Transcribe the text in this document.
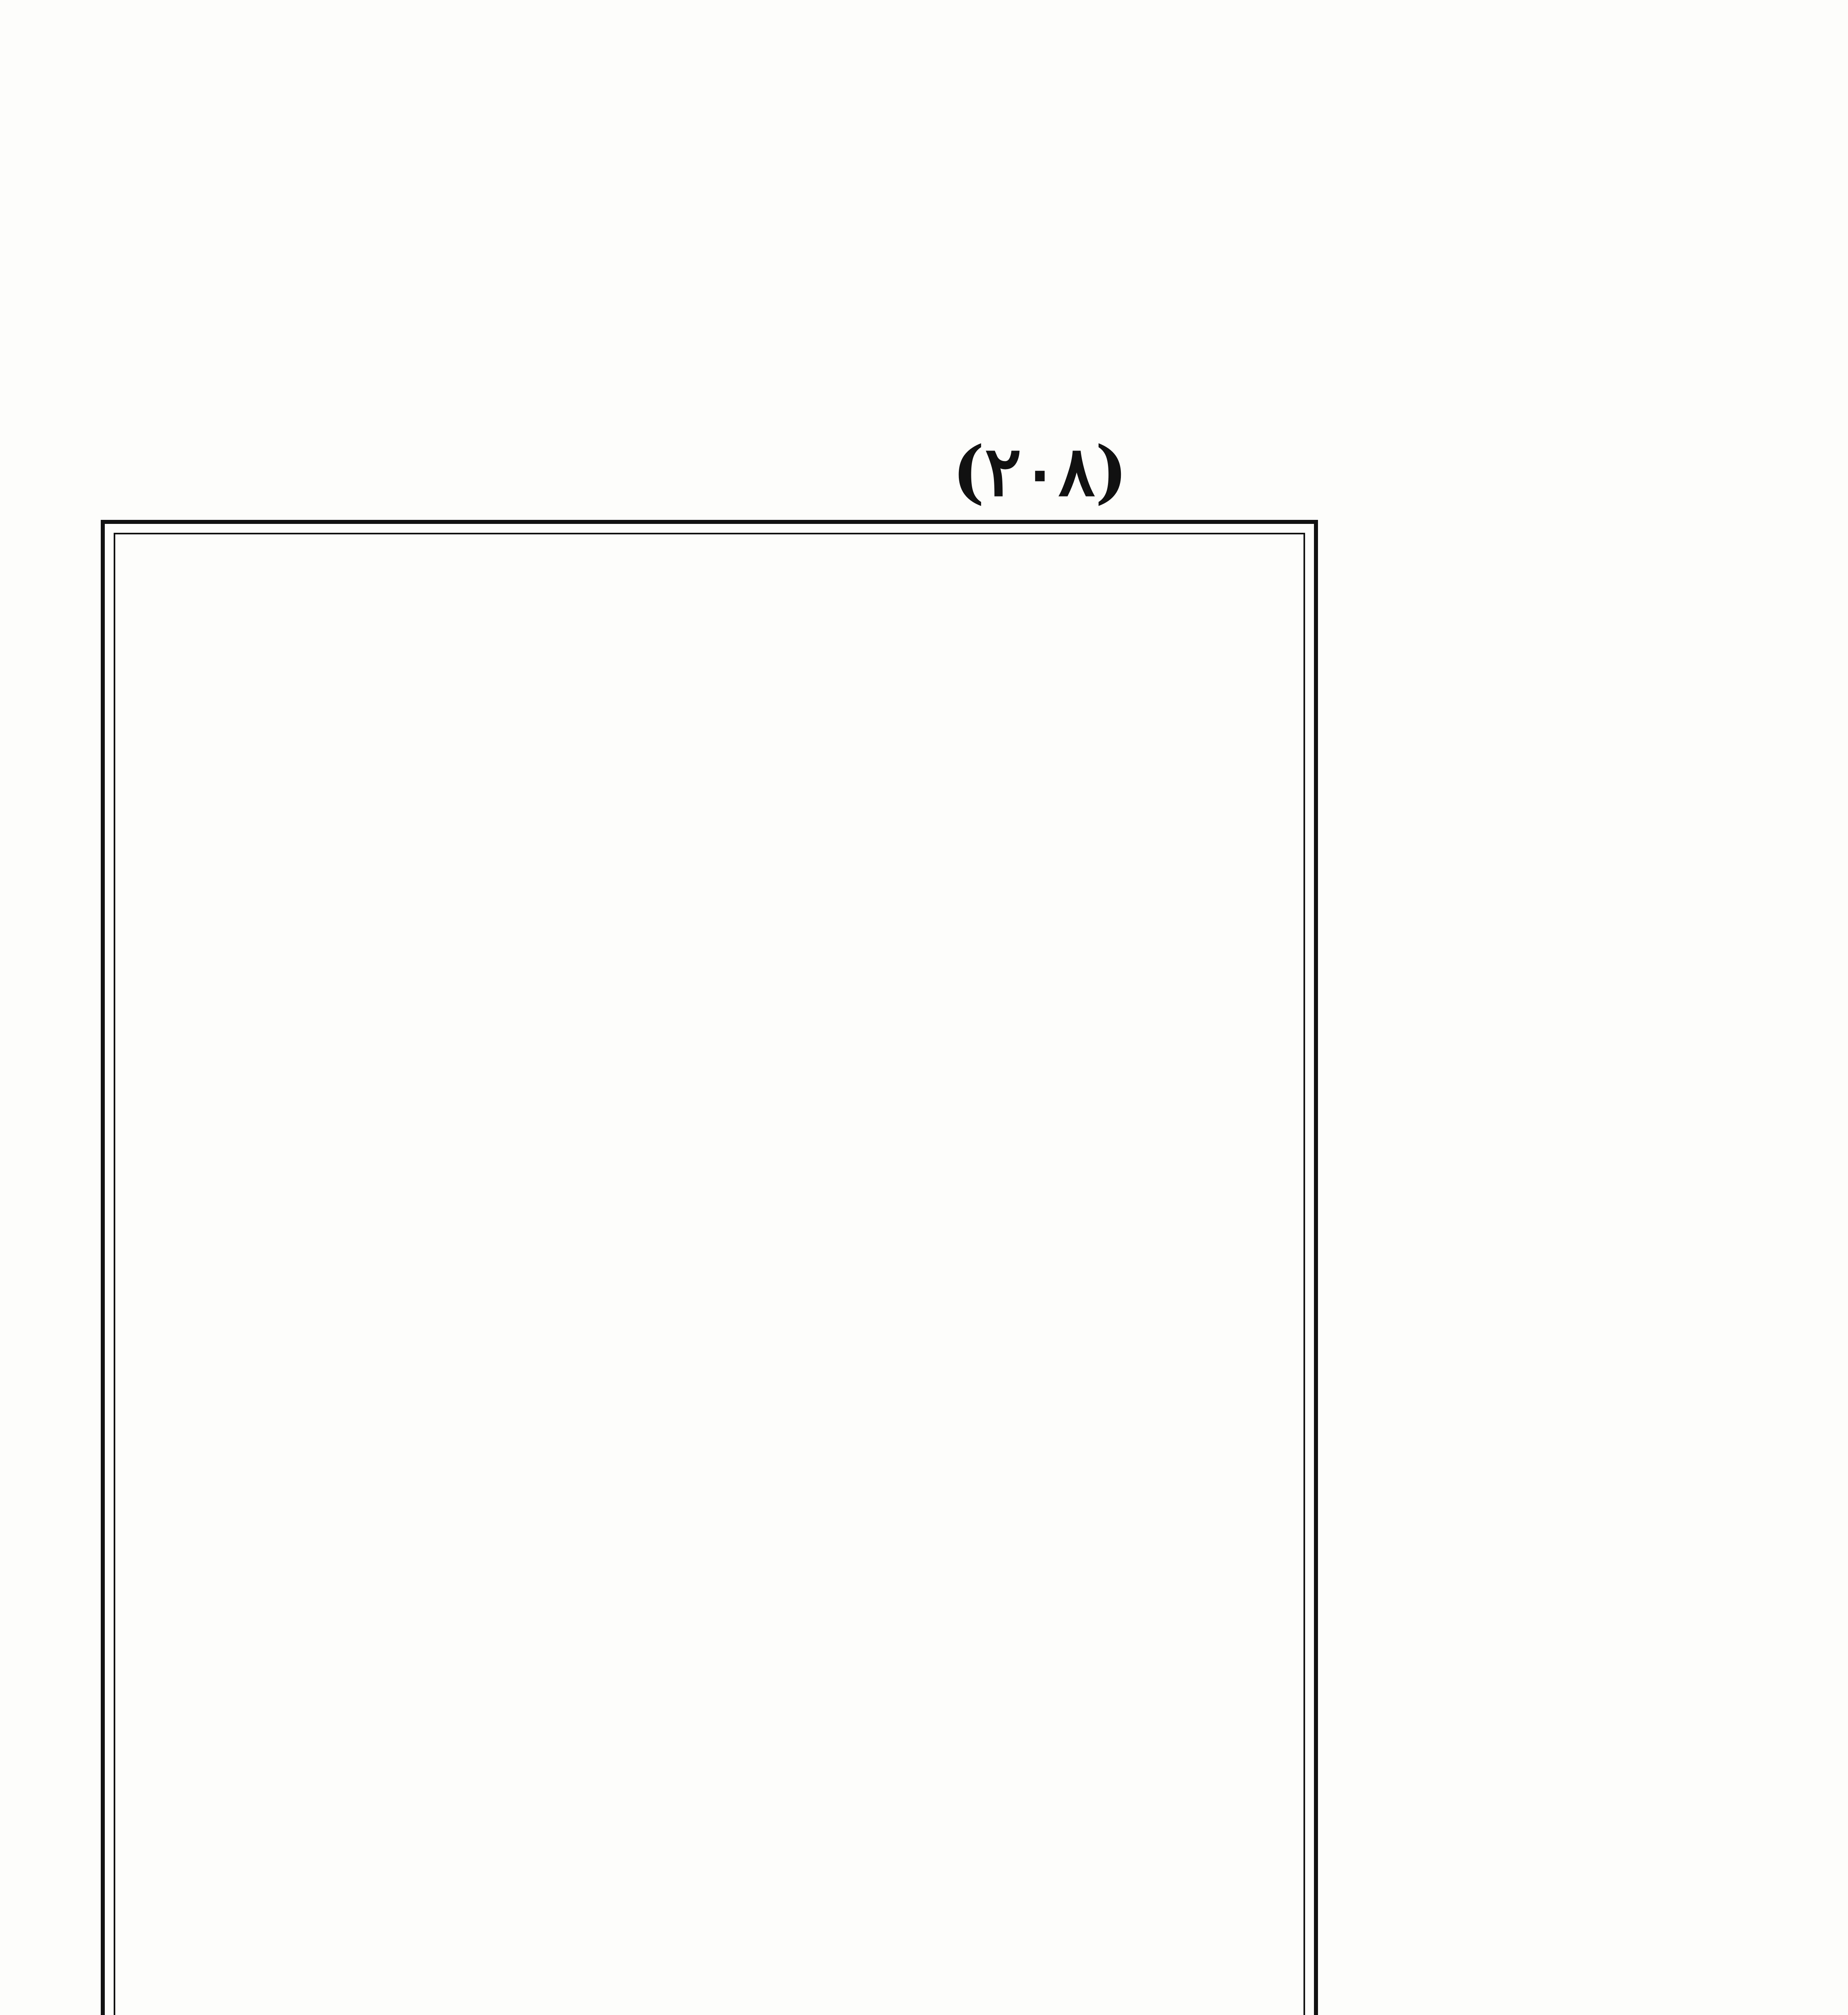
(٢٠٨)
